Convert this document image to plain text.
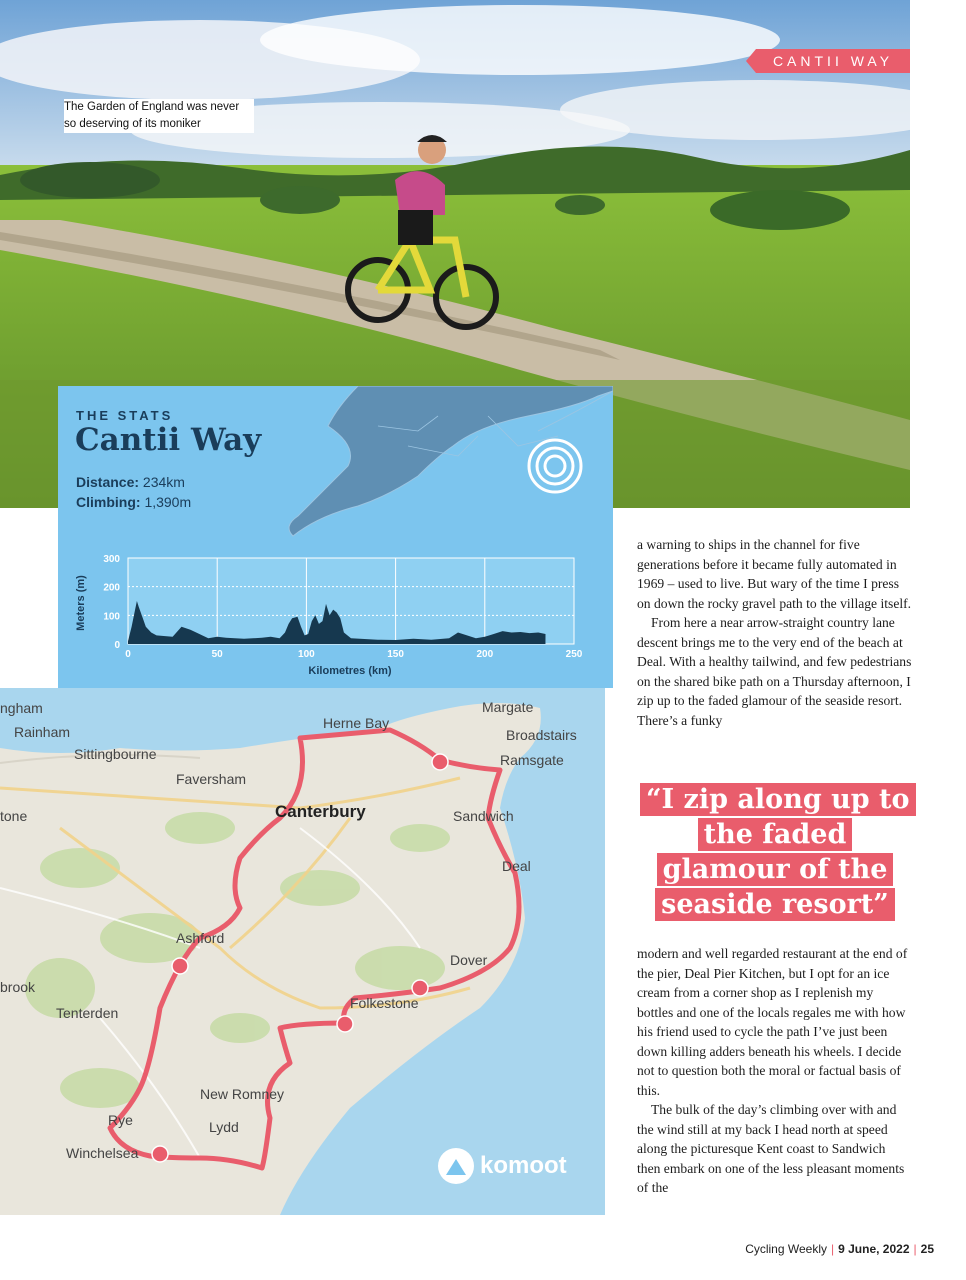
CANTII WAY
The Garden of England was never so deserving of its moniker
THE STATS
Cantii Way
Distance: 234km
Climbing: 1,390m
0
100
200
300
0	50	100	150	200	250
Kilometres (km)
Meters (m)
ngham
Rainham
Sittingbourne
Faversham
tone
Herne Bay
Margate
Broadstairs
Ramsgate
Canterbury	Sandwich
Deal
Ashford
Dover
Folkestone
brook
Tenterden
New Romney
Lydd
Rye
Winchelsea	komoot

a warning to ships in the channel for five generations before it became fully automated in 1969 – used to live. But wary of the time I press on down the rocky gravel path to the village itself.

From here a near arrow-straight country lane descent brings me to the very end of the beach at Deal. With a healthy tailwind, and few pedestrians on the shared bike path on a Thursday afternoon, I zip up to the faded glamour of the seaside resort. There’s a funky

“I zip along up to the faded glamour of the seaside resort”

modern and well regarded restaurant at the end of the pier, Deal Pier Kitchen, but I opt for an ice cream from a corner shop as I replenish my bottles and one of the locals regales me with how his friend used to cycle the path I’ve just been down killing adders beneath his wheels. I decide not to question both the moral or factual basis of this.

The bulk of the day’s climbing over with and the wind still at my back I head north at speed along the picturesque Kent coast to Sandwich then embark on one of the less pleasant moments of the

Cycling Weekly | 9 June, 2022 | 25
